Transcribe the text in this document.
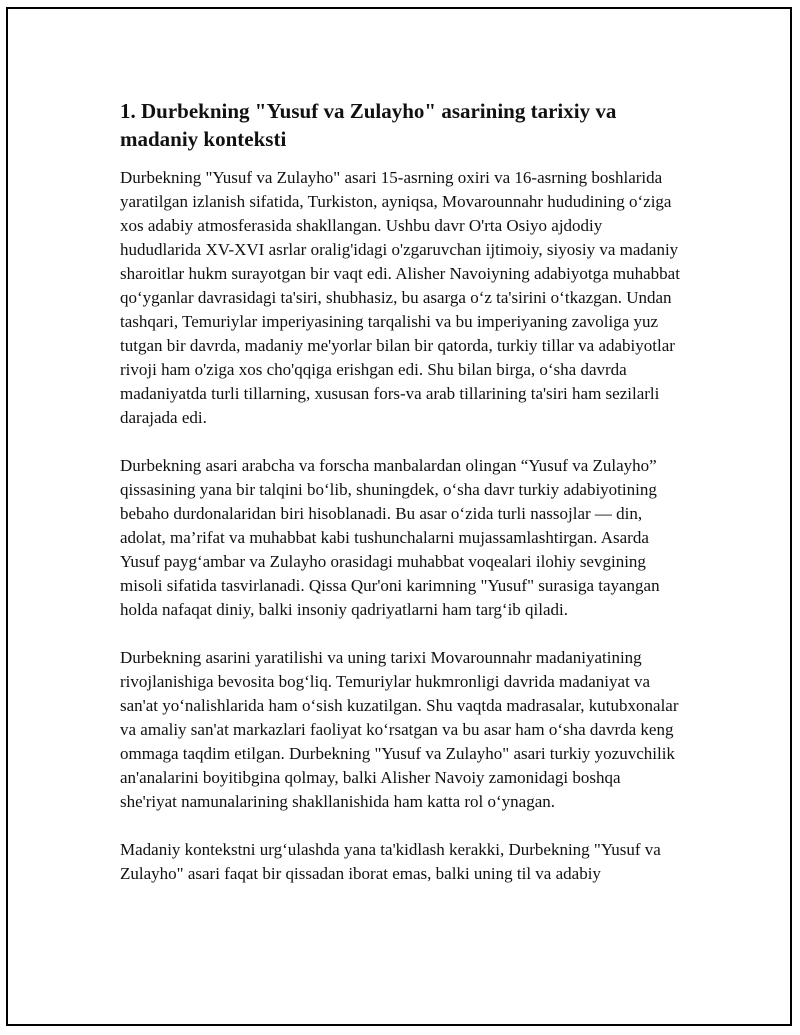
1. Durbekning "Yusuf va Zulayho" asarining tarixiy va madaniy konteksti

Durbekning "Yusuf va Zulayho" asari 15-asrning oxiri va 16-asrning boshlarida yaratilgan izlanish sifatida, Turkiston, ayniqsa, Movarounnahr hududining o‘ziga xos adabiy atmosferasida shakllangan. Ushbu davr O'rta Osiyo ajdodiy hududlarida XV-XVI asrlar oralig'idagi o'zgaruvchan ijtimoiy, siyosiy va madaniy sharoitlar hukm surayotgan bir vaqt edi. Alisher Navoiyning adabiyotga muhabbat qo‘yganlar davrasidagi ta'siri, shubhasiz, bu asarga o‘z ta'sirini o‘tkazgan. Undan tashqari, Temuriylar imperiyasining tarqalishi va bu imperiyaning zavoliga yuz tutgan bir davrda, madaniy me'yorlar bilan bir qatorda, turkiy tillar va adabiyotlar rivoji ham o'ziga xos cho'qqiga erishgan edi. Shu bilan birga, o‘sha davrda madaniyatda turli tillarning, xususan fors-va arab tillarining ta'siri ham sezilarli darajada edi.

Durbekning asari arabcha va forscha manbalardan olingan “Yusuf va Zulayho” qissasining yana bir talqini bo‘lib, shuningdek, o‘sha davr turkiy adabiyotining bebaho durdonalaridan biri hisoblanadi. Bu asar o‘zida turli nassojlar — din, adolat, ma’rifat va muhabbat kabi tushunchalarni mujassamlashtirgan. Asarda Yusuf payg‘ambar va Zulayho orasidagi muhabbat voqealari ilohiy sevgining misoli sifatida tasvirlanadi. Qissa Qur'oni karimning "Yusuf" surasiga tayangan holda nafaqat diniy, balki insoniy qadriyatlarni ham targ‘ib qiladi.

Durbekning asarini yaratilishi va uning tarixi Movarounnahr madaniyatining rivojlanishiga bevosita bog‘liq. Temuriylar hukmronligi davrida madaniyat va san'at yo‘nalishlarida ham o‘sish kuzatilgan. Shu vaqtda madrasalar, kutubxonalar va amaliy san'at markazlari faoliyat ko‘rsatgan va bu asar ham o‘sha davrda keng ommaga taqdim etilgan. Durbekning "Yusuf va Zulayho" asari turkiy yozuvchilik an'analarini boyitibgina qolmay, balki Alisher Navoiy zamonidagi boshqa she'riyat namunalarining shakllanishida ham katta rol o‘ynagan.

Madaniy kontekstni urg‘ulashda yana ta'kidlash kerakki, Durbekning "Yusuf va Zulayho" asari faqat bir qissadan iborat emas, balki uning til va adabiy
